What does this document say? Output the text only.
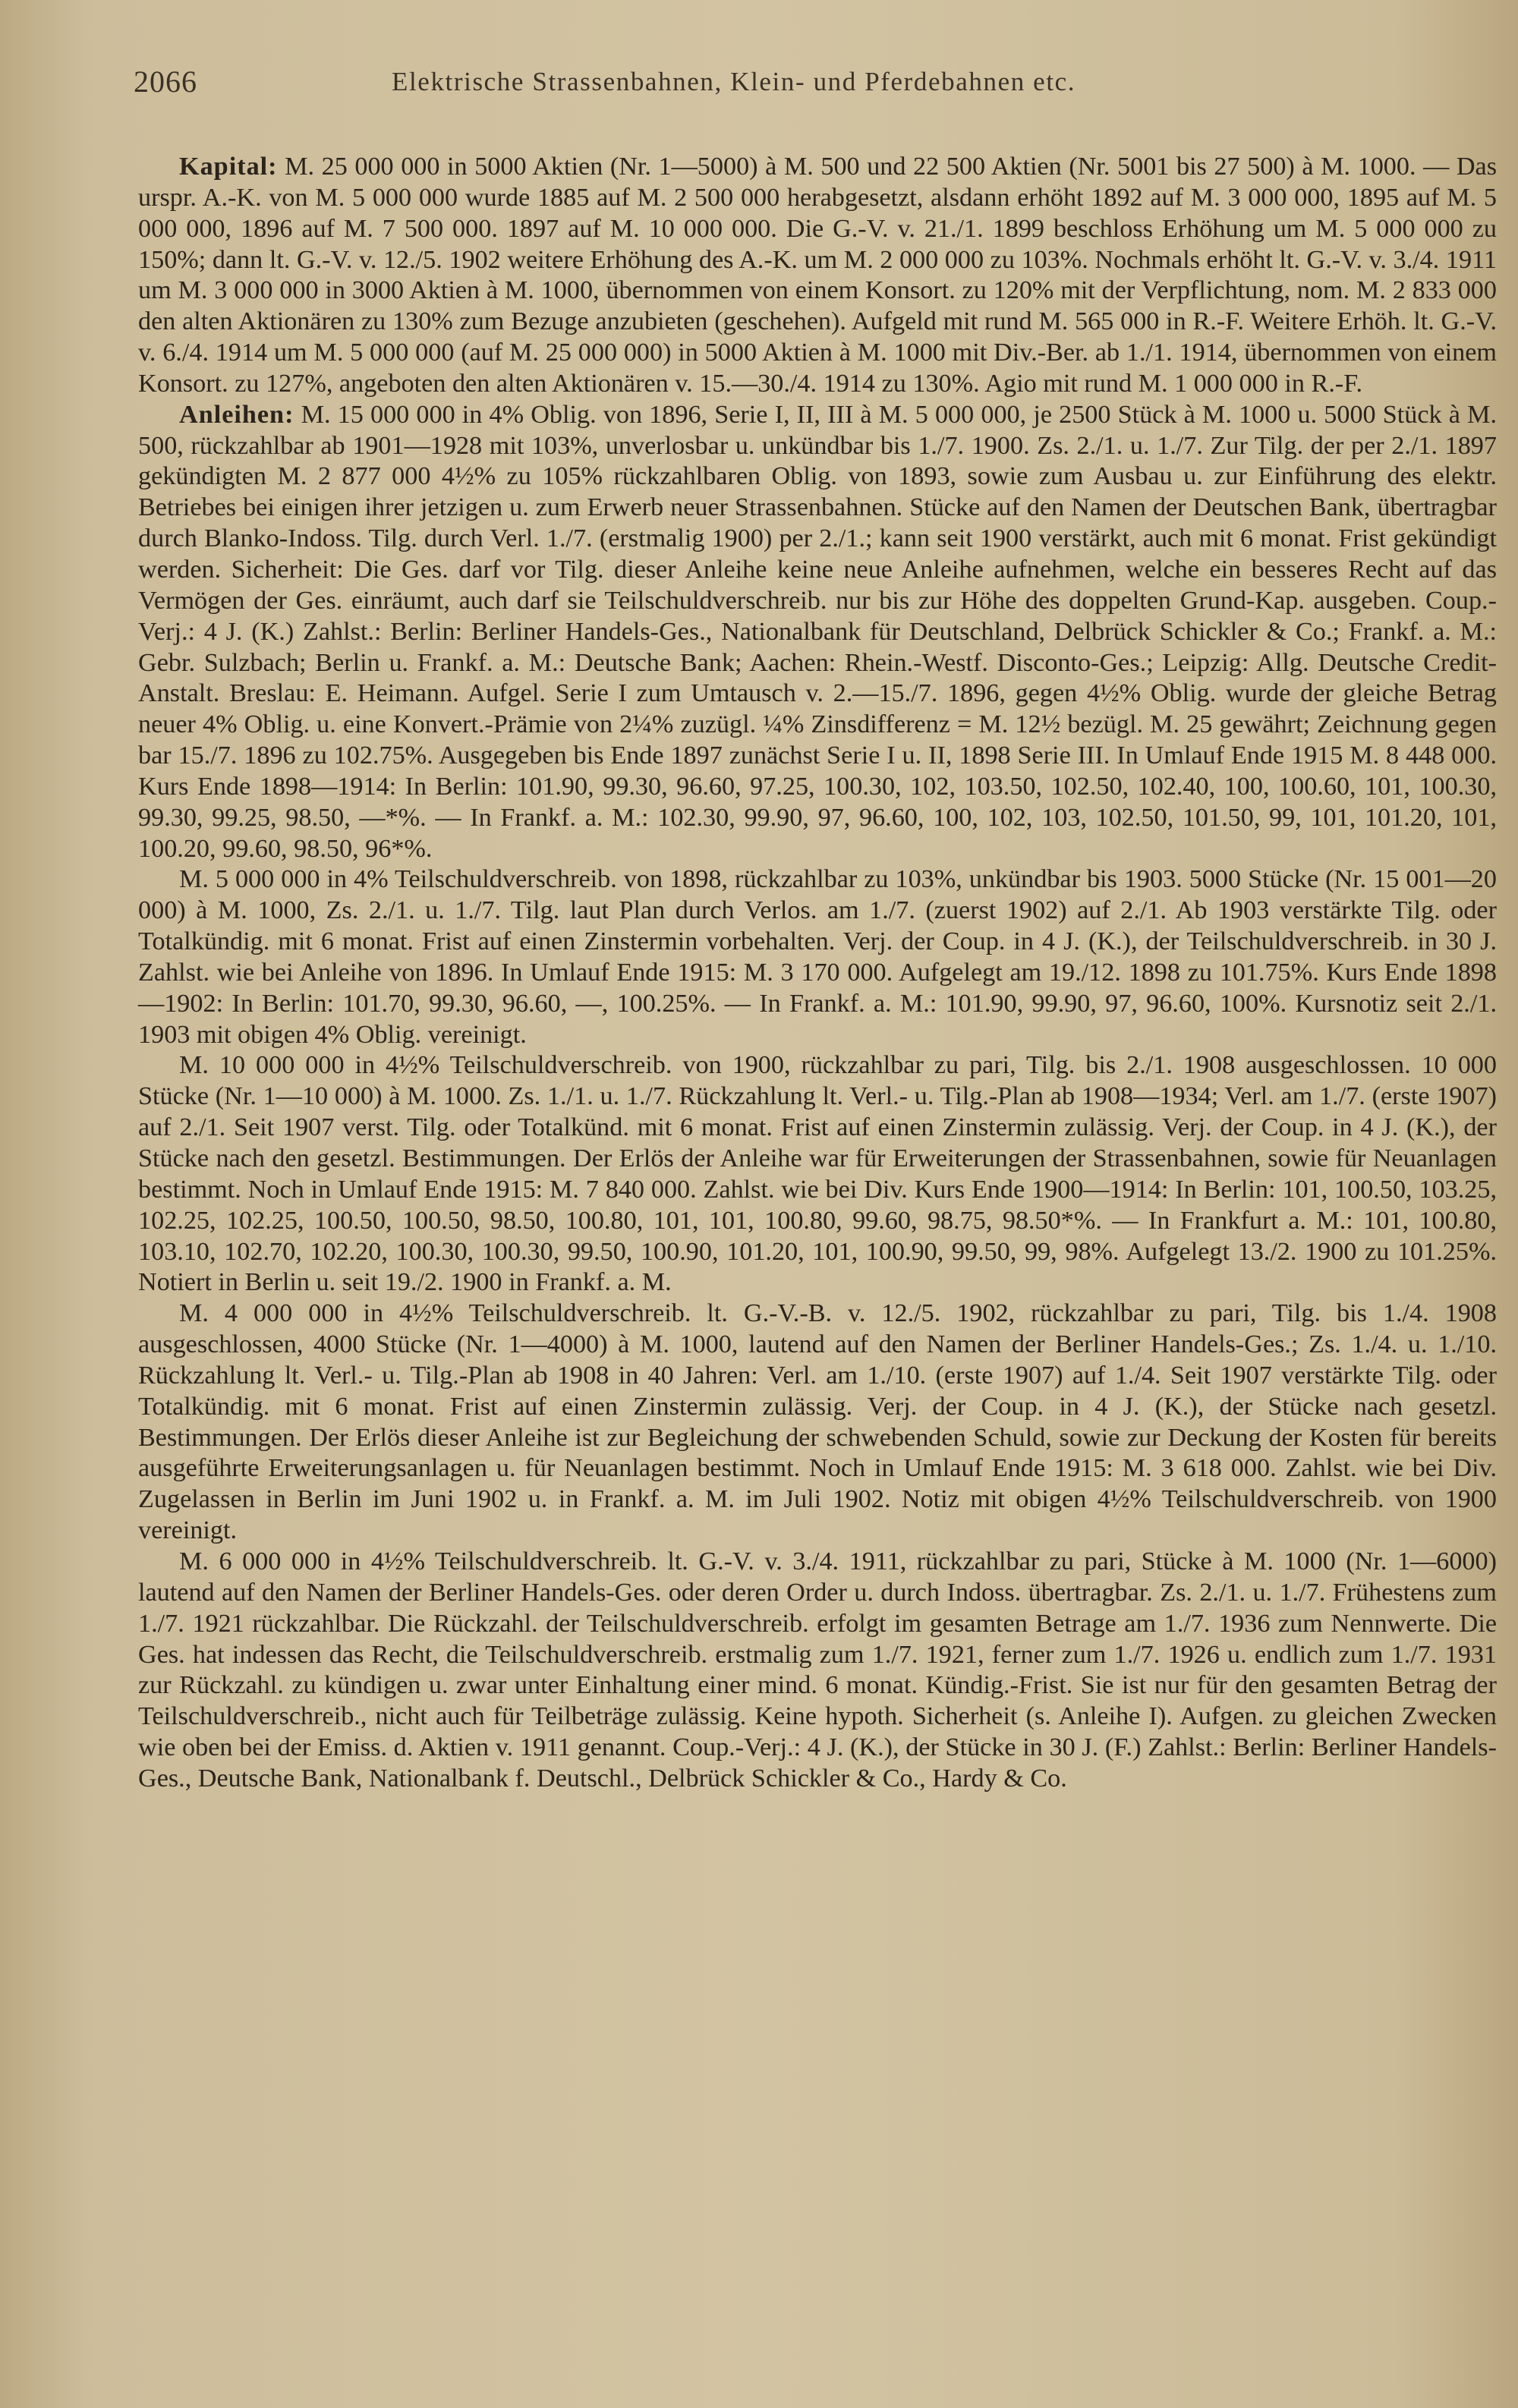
2066	Elektrische Strassenbahnen, Klein- und Pferdebahnen etc.

Kapital: M. 25 000 000 in 5000 Aktien (Nr. 1—5000) à M. 500 und 22 500 Aktien (Nr. 5001 bis 27 500) à M. 1000. — Das urspr. A.-K. von M. 5 000 000 wurde 1885 auf M. 2 500 000 herabgesetzt, alsdann erhöht 1892 auf M. 3 000 000, 1895 auf M. 5 000 000, 1896 auf M. 7 500 000. 1897 auf M. 10 000 000. Die G.-V. v. 21./1. 1899 beschloss Erhöhung um M. 5 000 000 zu 150%; dann lt. G.-V. v. 12./5. 1902 weitere Erhöhung des A.-K. um M. 2 000 000 zu 103%. Nochmals erhöht lt. G.-V. v. 3./4. 1911 um M. 3 000 000 in 3000 Aktien à M. 1000, übernommen von einem Konsort. zu 120% mit der Verpflichtung, nom. M. 2 833 000 den alten Aktionären zu 130% zum Bezuge anzubieten (geschehen). Aufgeld mit rund M. 565 000 in R.-F. Weitere Erhöh. lt. G.-V. v. 6./4. 1914 um M. 5 000 000 (auf M. 25 000 000) in 5000 Aktien à M. 1000 mit Div.-Ber. ab 1./1. 1914, übernommen von einem Konsort. zu 127%, angeboten den alten Aktionären v. 15.—30./4. 1914 zu 130%. Agio mit rund M. 1 000 000 in R.-F.

Anleihen: M. 15 000 000 in 4% Oblig. von 1896, Serie I, II, III à M. 5 000 000, je 2500 Stück à M. 1000 u. 5000 Stück à M. 500, rückzahlbar ab 1901—1928 mit 103%, unverlosbar u. unkündbar bis 1./7. 1900. Zs. 2./1. u. 1./7. Zur Tilg. der per 2./1. 1897 gekündigten M. 2 877 000 4½% zu 105% rückzahlbaren Oblig. von 1893, sowie zum Ausbau u. zur Einführung des elektr. Betriebes bei einigen ihrer jetzigen u. zum Erwerb neuer Strassenbahnen. Stücke auf den Namen der Deutschen Bank, übertragbar durch Blanko-Indoss. Tilg. durch Verl. 1./7. (erstmalig 1900) per 2./1.; kann seit 1900 verstärkt, auch mit 6 monat. Frist gekündigt werden. Sicherheit: Die Ges. darf vor Tilg. dieser Anleihe keine neue Anleihe aufnehmen, welche ein besseres Recht auf das Vermögen der Ges. einräumt, auch darf sie Teilschuldverschreib. nur bis zur Höhe des doppelten Grund-Kap. ausgeben. Coup.-Verj.: 4 J. (K.) Zahlst.: Berlin: Berliner Handels-Ges., Nationalbank für Deutschland, Delbrück Schickler & Co.; Frankf. a. M.: Gebr. Sulzbach; Berlin u. Frankf. a. M.: Deutsche Bank; Aachen: Rhein.-Westf. Disconto-Ges.; Leipzig: Allg. Deutsche Credit-Anstalt. Breslau: E. Heimann. Aufgel. Serie I zum Umtausch v. 2.—15./7. 1896, gegen 4½% Oblig. wurde der gleiche Betrag neuer 4% Oblig. u. eine Konvert.-Prämie von 2¼% zuzügl. ¼% Zinsdifferenz = M. 12½ bezügl. M. 25 gewährt; Zeichnung gegen bar 15./7. 1896 zu 102.75%. Ausgegeben bis Ende 1897 zunächst Serie I u. II, 1898 Serie III. In Umlauf Ende 1915 M. 8 448 000. Kurs Ende 1898—1914: In Berlin: 101.90, 99.30, 96.60, 97.25, 100.30, 102, 103.50, 102.50, 102.40, 100, 100.60, 101, 100.30, 99.30, 99.25, 98.50, —*%. — In Frankf. a. M.: 102.30, 99.90, 97, 96.60, 100, 102, 103, 102.50, 101.50, 99, 101, 101.20, 101, 100.20, 99.60, 98.50, 96*%.

M. 5 000 000 in 4% Teilschuldverschreib. von 1898, rückzahlbar zu 103%, unkündbar bis 1903. 5000 Stücke (Nr. 15 001—20 000) à M. 1000, Zs. 2./1. u. 1./7. Tilg. laut Plan durch Verlos. am 1./7. (zuerst 1902) auf 2./1. Ab 1903 verstärkte Tilg. oder Totalkündig. mit 6 monat. Frist auf einen Zinstermin vorbehalten. Verj. der Coup. in 4 J. (K.), der Teilschuldverschreib. in 30 J. Zahlst. wie bei Anleihe von 1896. In Umlauf Ende 1915: M. 3 170 000. Aufgelegt am 19./12. 1898 zu 101.75%. Kurs Ende 1898—1902: In Berlin: 101.70, 99.30, 96.60, —, 100.25%. — In Frankf. a. M.: 101.90, 99.90, 97, 96.60, 100%. Kursnotiz seit 2./1. 1903 mit obigen 4% Oblig. vereinigt.

M. 10 000 000 in 4½% Teilschuldverschreib. von 1900, rückzahlbar zu pari, Tilg. bis 2./1. 1908 ausgeschlossen. 10 000 Stücke (Nr. 1—10 000) à M. 1000. Zs. 1./1. u. 1./7. Rückzahlung lt. Verl.- u. Tilg.-Plan ab 1908—1934; Verl. am 1./7. (erste 1907) auf 2./1. Seit 1907 verst. Tilg. oder Totalkünd. mit 6 monat. Frist auf einen Zinstermin zulässig. Verj. der Coup. in 4 J. (K.), der Stücke nach den gesetzl. Bestimmungen. Der Erlös der Anleihe war für Erweiterungen der Strassenbahnen, sowie für Neuanlagen bestimmt. Noch in Umlauf Ende 1915: M. 7 840 000. Zahlst. wie bei Div. Kurs Ende 1900—1914: In Berlin: 101, 100.50, 103.25, 102.25, 102.25, 100.50, 100.50, 98.50, 100.80, 101, 101, 100.80, 99.60, 98.75, 98.50*%. — In Frankfurt a. M.: 101, 100.80, 103.10, 102.70, 102.20, 100.30, 100.30, 99.50, 100.90, 101.20, 101, 100.90, 99.50, 99, 98%. Aufgelegt 13./2. 1900 zu 101.25%. Notiert in Berlin u. seit 19./2. 1900 in Frankf. a. M.

M. 4 000 000 in 4½% Teilschuldverschreib. lt. G.-V.-B. v. 12./5. 1902, rückzahlbar zu pari, Tilg. bis 1./4. 1908 ausgeschlossen, 4000 Stücke (Nr. 1—4000) à M. 1000, lautend auf den Namen der Berliner Handels-Ges.; Zs. 1./4. u. 1./10. Rückzahlung lt. Verl.- u. Tilg.-Plan ab 1908 in 40 Jahren: Verl. am 1./10. (erste 1907) auf 1./4. Seit 1907 verstärkte Tilg. oder Totalkündig. mit 6 monat. Frist auf einen Zinstermin zulässig. Verj. der Coup. in 4 J. (K.), der Stücke nach gesetzl. Bestimmungen. Der Erlös dieser Anleihe ist zur Begleichung der schwebenden Schuld, sowie zur Deckung der Kosten für bereits ausgeführte Erweiterungsanlagen u. für Neuanlagen bestimmt. Noch in Umlauf Ende 1915: M. 3 618 000. Zahlst. wie bei Div. Zugelassen in Berlin im Juni 1902 u. in Frankf. a. M. im Juli 1902. Notiz mit obigen 4½% Teilschuldverschreib. von 1900 vereinigt.

M. 6 000 000 in 4½% Teilschuldverschreib. lt. G.-V. v. 3./4. 1911, rückzahlbar zu pari, Stücke à M. 1000 (Nr. 1—6000) lautend auf den Namen der Berliner Handels-Ges. oder deren Order u. durch Indoss. übertragbar. Zs. 2./1. u. 1./7. Frühestens zum 1./7. 1921 rückzahlbar. Die Rückzahl. der Teilschuldverschreib. erfolgt im gesamten Betrage am 1./7. 1936 zum Nennwerte. Die Ges. hat indessen das Recht, die Teilschuldverschreib. erstmalig zum 1./7. 1921, ferner zum 1./7. 1926 u. endlich zum 1./7. 1931 zur Rückzahl. zu kündigen u. zwar unter Einhaltung einer mind. 6 monat. Kündig.-Frist. Sie ist nur für den gesamten Betrag der Teilschuldverschreib., nicht auch für Teilbeträge zulässig. Keine hypoth. Sicherheit (s. Anleihe I). Aufgen. zu gleichen Zwecken wie oben bei der Emiss. d. Aktien v. 1911 genannt. Coup.-Verj.: 4 J. (K.), der Stücke in 30 J. (F.) Zahlst.: Berlin: Berliner Handels-Ges., Deutsche Bank, Nationalbank f. Deutschl., Delbrück Schickler & Co., Hardy & Co.
